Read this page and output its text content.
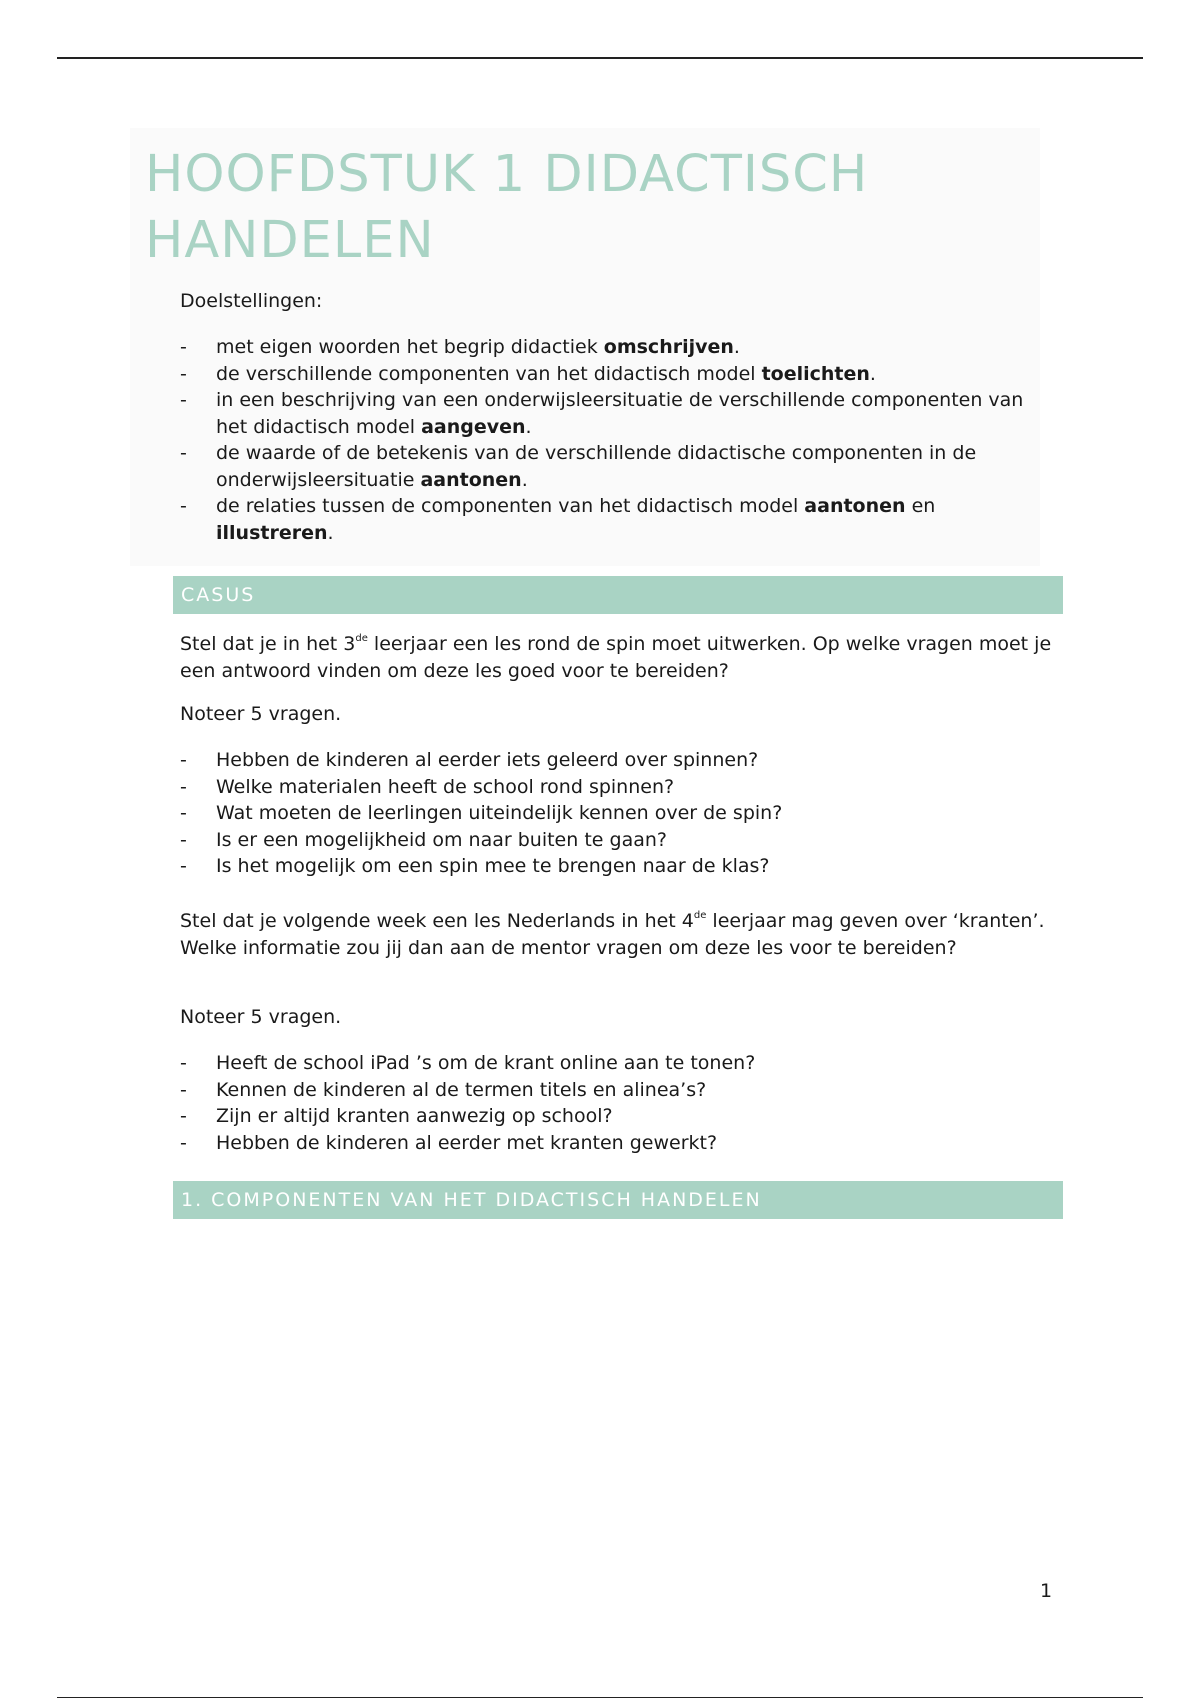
HOOFDSTUK 1 DIDACTISCH HANDELEN
Doelstellingen:
- met eigen woorden het begrip didactiek omschrijven.
- de verschillende componenten van het didactisch model toelichten.
- in een beschrijving van een onderwijsleersituatie de verschillende componenten van het didactisch model aangeven.
- de waarde of de betekenis van de verschillende didactische componenten in de onderwijsleersituatie aantonen.
- de relaties tussen de componenten van het didactisch model aantonen en illustreren.
CASUS

Stel dat je in het 3de leerjaar een les rond de spin moet uitwerken. Op welke vragen moet je een antwoord vinden om deze les goed voor te bereiden?

Noteer 5 vragen.

- Hebben de kinderen al eerder iets geleerd over spinnen?
- Welke materialen heeft de school rond spinnen?
- Wat moeten de leerlingen uiteindelijk kennen over de spin?
- Is er een mogelijkheid om naar buiten te gaan?
- Is het mogelijk om een spin mee te brengen naar de klas?

Stel dat je volgende week een les Nederlands in het 4de leerjaar mag geven over ‘kranten’. Welke informatie zou jij dan aan de mentor vragen om deze les voor te bereiden?

Noteer 5 vragen.

- Heeft de school iPad ’s om de krant online aan te tonen?
- Kennen de kinderen al de termen titels en alinea’s?
- Zijn er altijd kranten aanwezig op school?
- Hebben de kinderen al eerder met kranten gewerkt?
1. COMPONENTEN VAN HET DIDACTISCH HANDELEN
1
